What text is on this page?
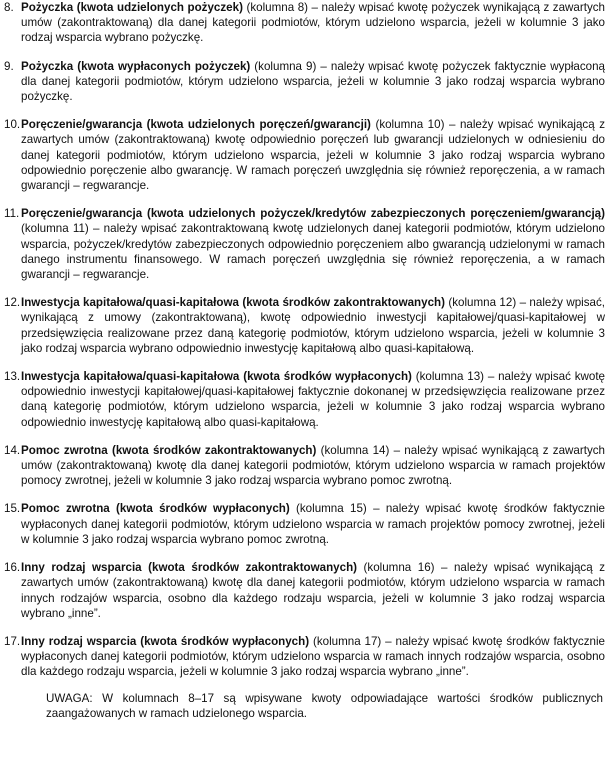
8. Pożyczka (kwota udzielonych pożyczek) (kolumna 8) – należy wpisać kwotę pożyczek wynikającą z zawartych umów (zakontraktowaną) dla danej kategorii podmiotów, którym udzielono wsparcia, jeżeli w kolumnie 3 jako rodzaj wsparcia wybrano pożyczkę.
9. Pożyczka (kwota wypłaconych pożyczek) (kolumna 9) – należy wpisać kwotę pożyczek faktycznie wypłaconą dla danej kategorii podmiotów, którym udzielono wsparcia, jeżeli w kolumnie 3 jako rodzaj wsparcia wybrano pożyczkę.
10. Poręczenie/gwarancja (kwota udzielonych poręczeń/gwarancji) (kolumna 10) – należy wpisać wynikającą z zawartych umów (zakontraktowaną) kwotę odpowiednio poręczeń lub gwarancji udzielonych w odniesieniu do danej kategorii podmiotów, którym udzielono wsparcia, jeżeli w kolumnie 3 jako rodzaj wsparcia wybrano odpowiednio poręczenie albo gwarancję. W ramach poręczeń uwzględnia się również reporęczenia, a w ramach gwarancji – regwarancje.
11. Poręczenie/gwarancja (kwota udzielonych pożyczek/kredytów zabezpieczonych poręczeniem/gwarancją) (kolumna 11) – należy wpisać zakontraktowaną kwotę udzielonych danej kategorii podmiotów, którym udzielono wsparcia, pożyczek/kredytów zabezpieczonych odpowiednio poręczeniem albo gwarancją udzielonymi w ramach danego instrumentu finansowego. W ramach poręczeń uwzględnia się również reporęczenia, a w ramach gwarancji – regwarancje.
12. Inwestycja kapitałowa/quasi-kapitałowa (kwota środków zakontraktowanych) (kolumna 12) – należy wpisać, wynikającą z umowy (zakontraktowaną), kwotę odpowiednio inwestycji kapitałowej/quasi-kapitałowej w przedsięwzięcia realizowane przez daną kategorię podmiotów, którym udzielono wsparcia, jeżeli w kolumnie 3 jako rodzaj wsparcia wybrano odpowiednio inwestycję kapitałową albo quasi-kapitałową.
13. Inwestycja kapitałowa/quasi-kapitałowa (kwota środków wypłaconych) (kolumna 13) – należy wpisać kwotę odpowiednio inwestycji kapitałowej/quasi-kapitałowej faktycznie dokonanej w przedsięwzięcia realizowane przez daną kategorię podmiotów, którym udzielono wsparcia, jeżeli w kolumnie 3 jako rodzaj wsparcia wybrano odpowiednio inwestycję kapitałową albo quasi-kapitałową.
14. Pomoc zwrotna (kwota środków zakontraktowanych) (kolumna 14) – należy wpisać wynikającą z zawartych umów (zakontraktowaną) kwotę dla danej kategorii podmiotów, którym udzielono wsparcia w ramach projektów pomocy zwrotnej, jeżeli w kolumnie 3 jako rodzaj wsparcia wybrano pomoc zwrotną.
15. Pomoc zwrotna (kwota środków wypłaconych) (kolumna 15) – należy wpisać kwotę środków faktycznie wypłaconych danej kategorii podmiotów, którym udzielono wsparcia w ramach projektów pomocy zwrotnej, jeżeli w kolumnie 3 jako rodzaj wsparcia wybrano pomoc zwrotną.
16. Inny rodzaj wsparcia (kwota środków zakontraktowanych) (kolumna 16) – należy wpisać wynikającą z zawartych umów (zakontraktowaną) kwotę dla danej kategorii podmiotów, którym udzielono wsparcia w ramach innych rodzajów wsparcia, osobno dla każdego rodzaju wsparcia, jeżeli w kolumnie 3 jako rodzaj wsparcia wybrano „inne”.
17. Inny rodzaj wsparcia (kwota środków wypłaconych) (kolumna 17) – należy wpisać kwotę środków faktycznie wypłaconych danej kategorii podmiotów, którym udzielono wsparcia w ramach innych rodzajów wsparcia, osobno dla każdego rodzaju wsparcia, jeżeli w kolumnie 3 jako rodzaj wsparcia wybrano „inne”.
UWAGA: W kolumnach 8–17 są wpisywane kwoty odpowiadające wartości środków publicznych zaangażowanych w ramach udzielonego wsparcia.
